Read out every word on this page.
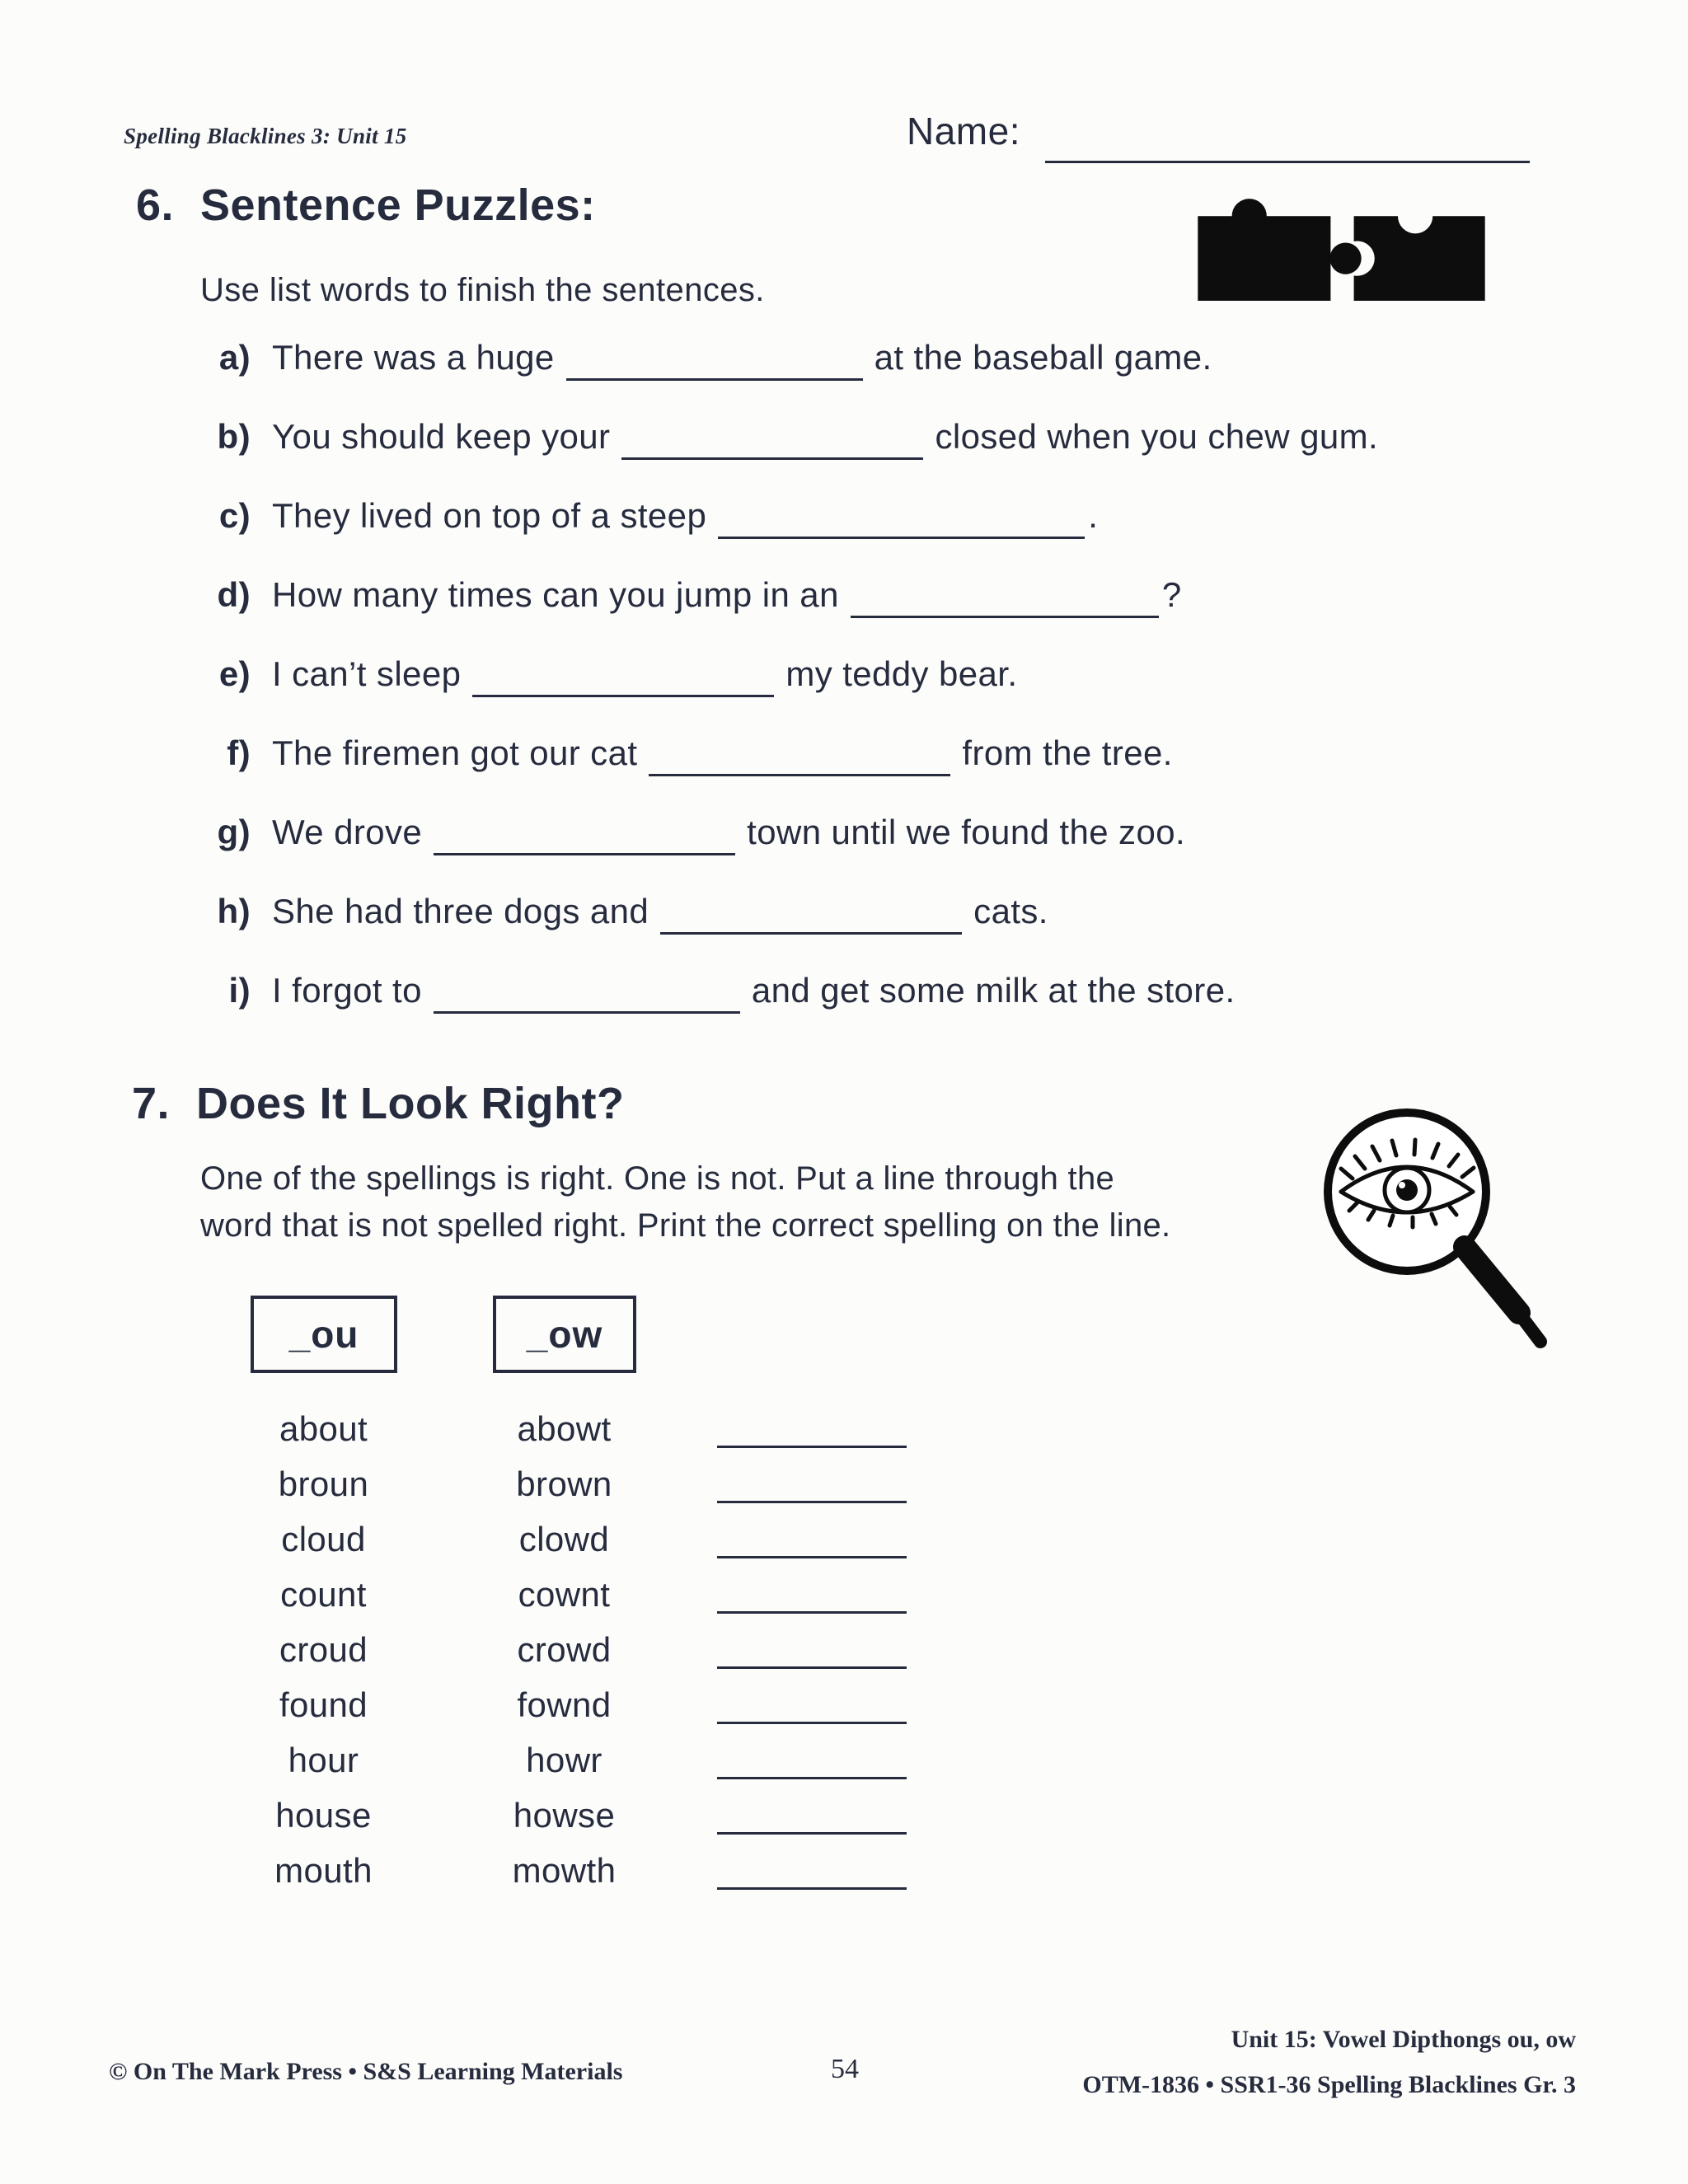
Spelling Blacklines 3: Unit 15	Name:
6. Sentence Puzzles:
Use list words to finish the sentences.
a) There was a huge	at the baseball game.
b) You should keep your	closed when you chew gum.
c) They lived on top of a steep	.
d) How many times can you jump in an	?
e) I can’t sleep	my teddy bear.
f) The firemen got our cat	from the tree.
g) We drove	town until we found the zoo.
h) She had three dogs and	cats.
i) I forgot to	and get some milk at the store.
7. Does It Look Right?
One of the spellings is right. One is not. Put a line through the
word that is not spelled right. Print the correct spelling on the line.
_ou	_ow
about	abowt
broun	brown
cloud	clowd
count	cownt
croud	crowd
found	fownd
hour	howr
house	howse
mouth	mowth
© On The Mark Press • S&S Learning Materials	54
Unit 15: Vowel Dipthongs ou, ow
OTM-1836 • SSR1-36 Spelling Blacklines Gr. 3
